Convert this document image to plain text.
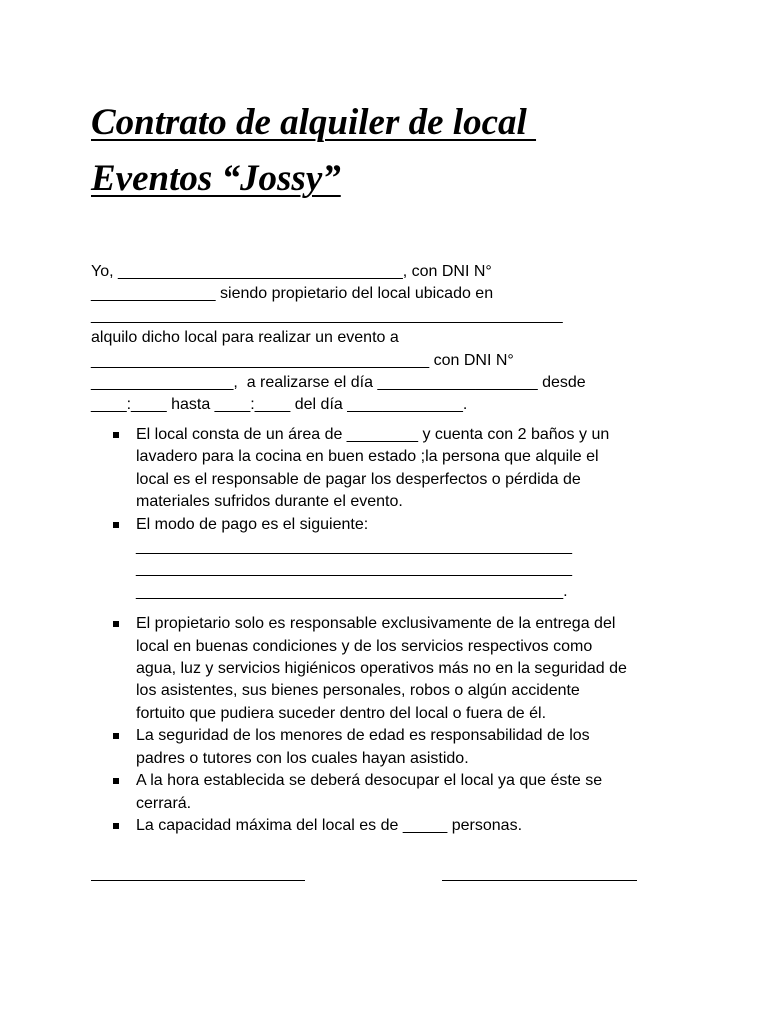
Contrato de alquiler de local
Eventos “Jossy”

Yo, ________________________________, con DNI N°

______________ siendo propietario del local ubicado en

_____________________________________________________

alquilo dicho local para realizar un evento a

______________________________________ con DNI N°

________________,  a realizarse el día __________________ desde

____:____ hasta ____:____ del día _____________.

El local consta de un área de ________ y cuenta con 2 baños y un
lavadero para la cocina en buen estado ;la persona que alquile el
local es el responsable de pagar los desperfectos o pérdida de
materiales sufridos durante el evento.
El modo de pago es el siguiente:
_________________________________________________
_________________________________________________
________________________________________________.
El propietario solo es responsable exclusivamente de la entrega del
local en buenas condiciones y de los servicios respectivos como
agua, luz y servicios higiénicos operativos más no en la seguridad de
los asistentes, sus bienes personales, robos o algún accidente
fortuito que pudiera suceder dentro del local o fuera de él.
La seguridad de los menores de edad es responsabilidad de los
padres o tutores con los cuales hayan asistido.
A la hora establecida se deberá desocupar el local ya que éste se
cerrará.
La capacidad máxima del local es de _____ personas.
